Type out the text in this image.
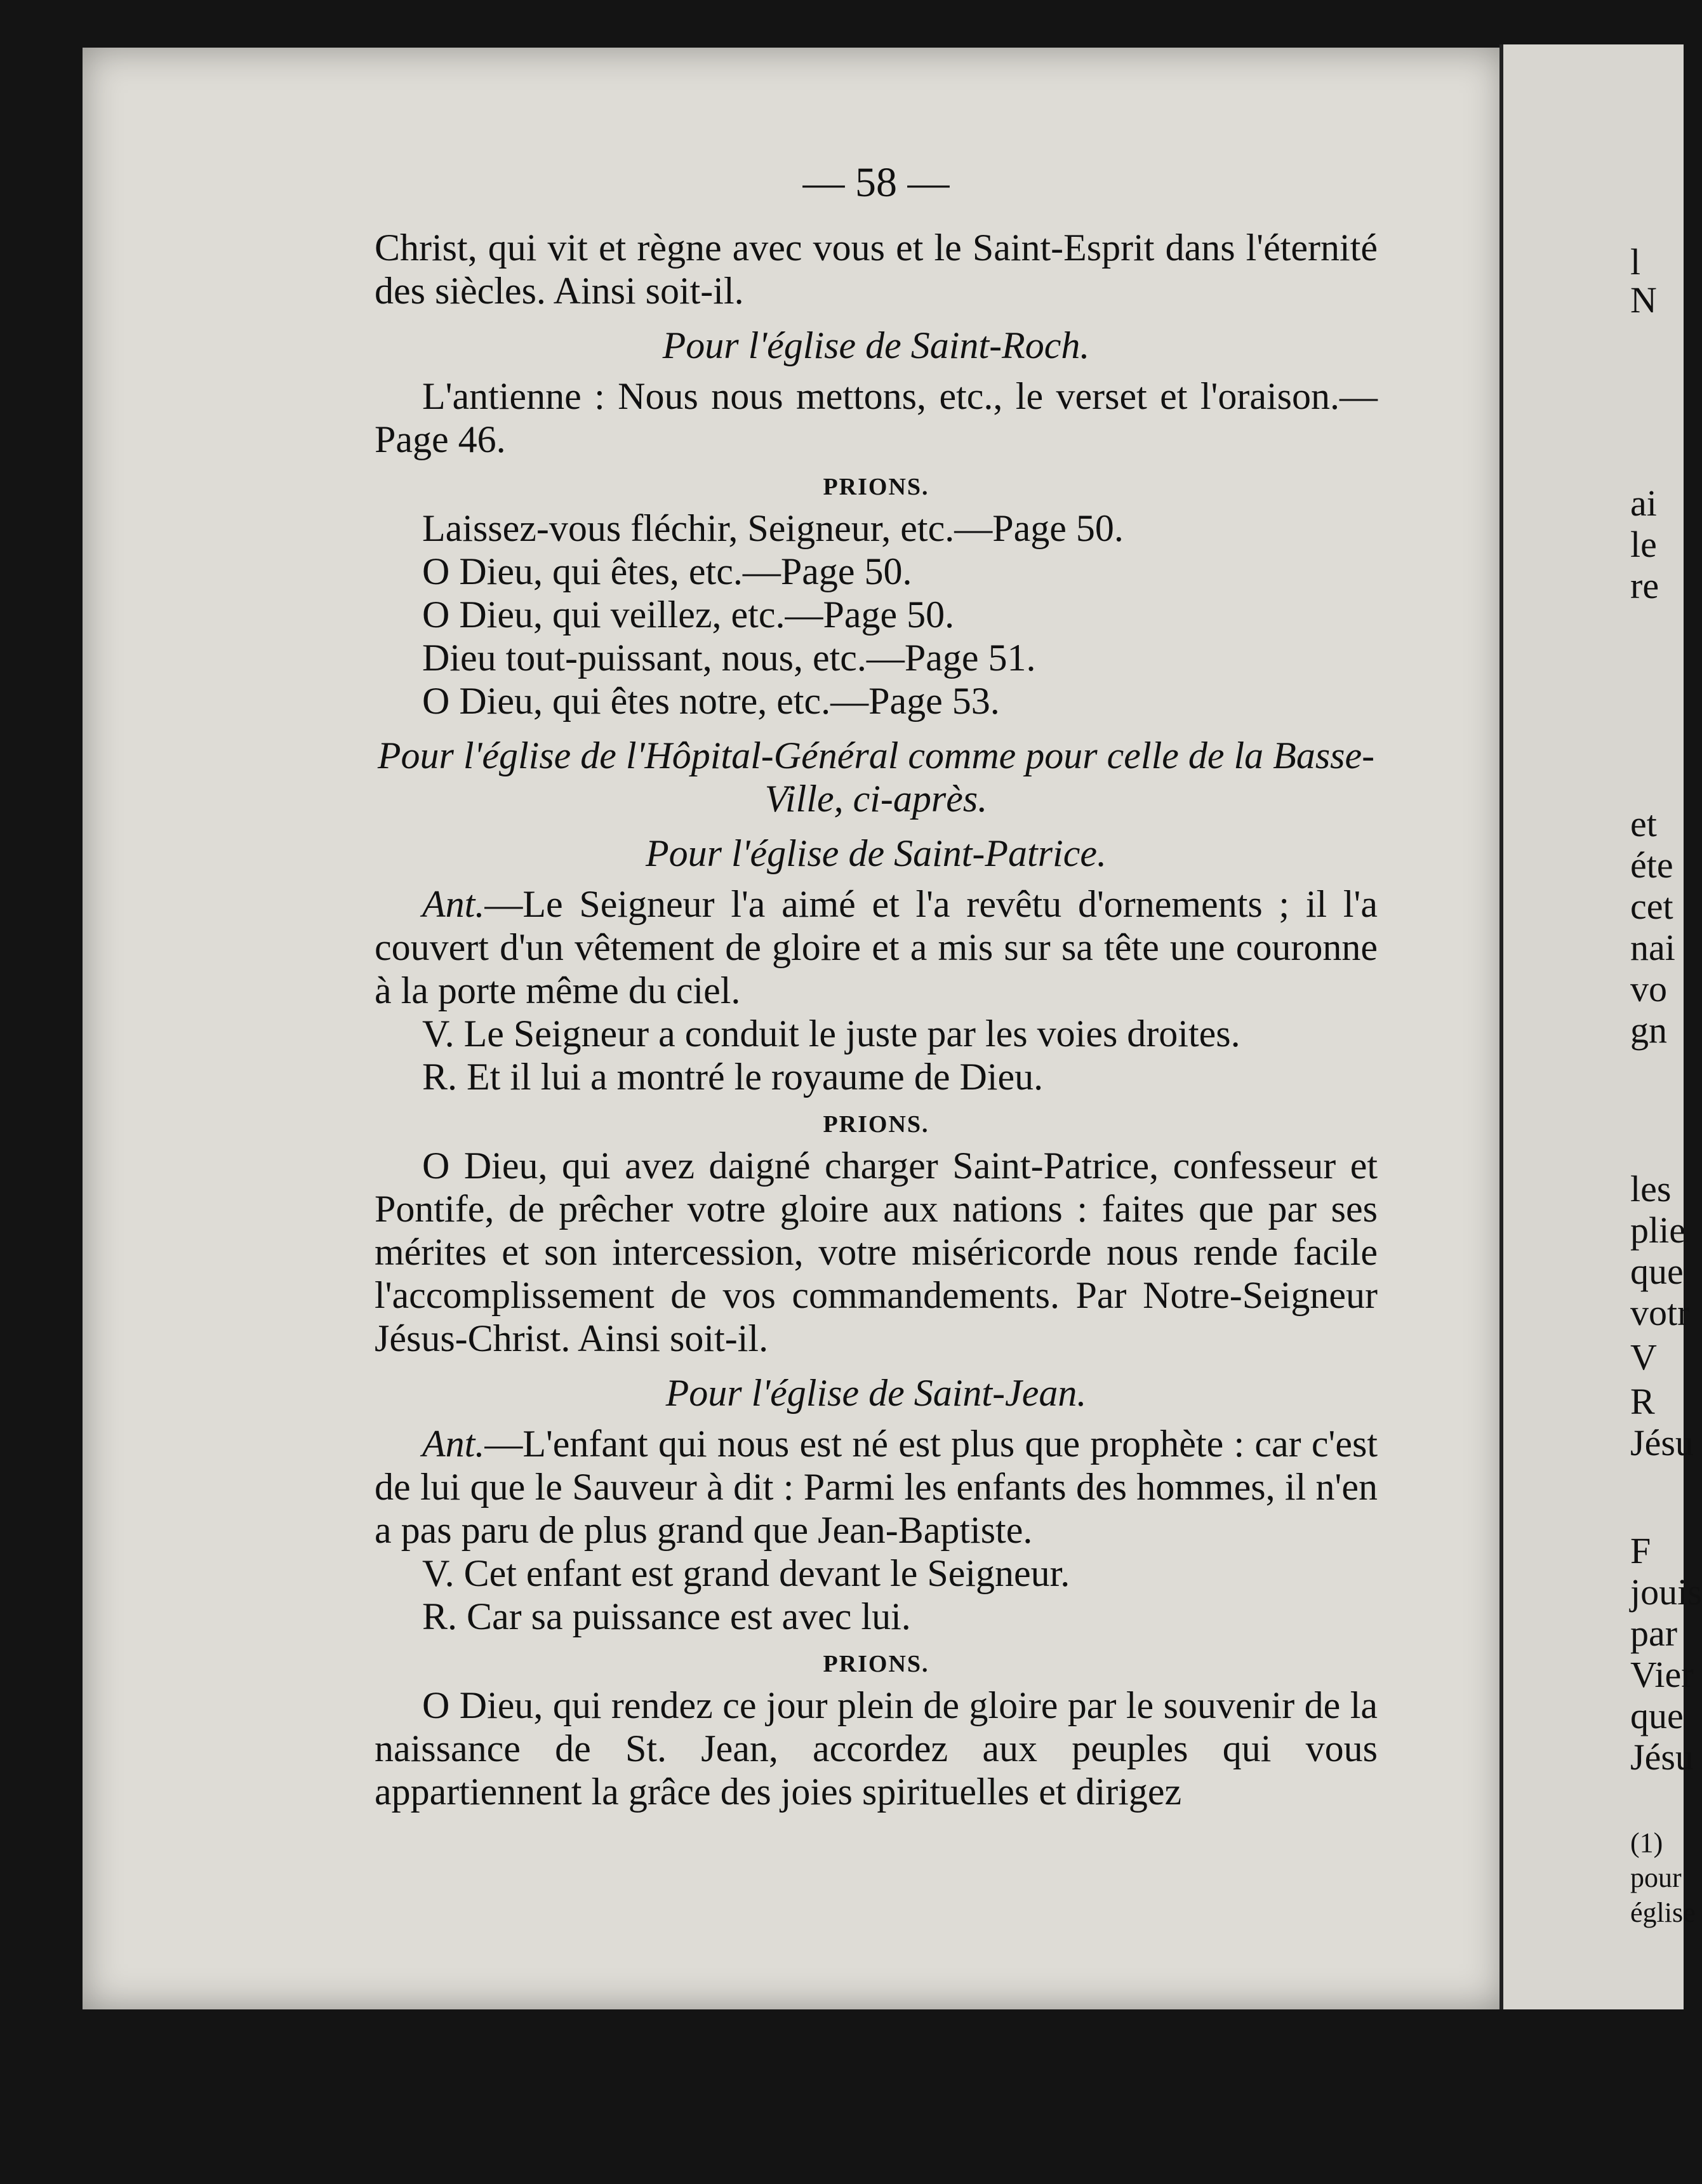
— 58 —

Christ, qui vit et règne avec vous et le Saint-Esprit dans l'éternité des siècles. Ainsi soit-il.

Pour l'église de Saint-Roch.

L'antienne : Nous nous mettons, etc., le verset et l'oraison.—Page 46.

PRIONS.
Laissez-vous fléchir, Seigneur, etc.—Page 50.
O Dieu, qui êtes, etc.—Page 50.
O Dieu, qui veillez, etc.—Page 50.
Dieu tout-puissant, nous, etc.—Page 51.
O Dieu, qui êtes notre, etc.—Page 53.

Pour l'église de l'Hôpital-Général comme pour celle de la Basse-Ville, ci-après.

Pour l'église de Saint-Patrice.

Ant.—Le Seigneur l'a aimé et l'a revêtu d'ornements ; il l'a couvert d'un vêtement de gloire et a mis sur sa tête une couronne à la porte même du ciel.

V. Le Seigneur a conduit le juste par les voies droites.
R. Et il lui a montré le royaume de Dieu.
PRIONS.

O Dieu, qui avez daigné charger Saint-Patrice, confesseur et Pontife, de prêcher votre gloire aux nations : faites que par ses mérites et son intercession, votre miséricorde nous rende facile l'accomplissement de vos commandements. Par Notre-Seigneur Jésus-Christ. Ainsi soit-il.

Pour l'église de Saint-Jean.

Ant.—L'enfant qui nous est né est plus que prophète : car c'est de lui que le Sauveur à dit : Parmi les enfants des hommes, il n'en a pas paru de plus grand que Jean-Baptiste.

V. Cet enfant est grand devant le Seigneur.
R. Car sa puissance est avec lui.
PRIONS.

O Dieu, qui rendez ce jour plein de gloire par le souvenir de la naissance de St. Jean, accordez aux peuples qui vous appartiennent la grâce des joies spirituelles et dirigez

l
N
ai
le
re
et
éte
cet
nai
vo
gn
les
plie
que
votr
V
R
Jésu
F
jouis
par
Vier
que
Jésu
(1)
pour
église
